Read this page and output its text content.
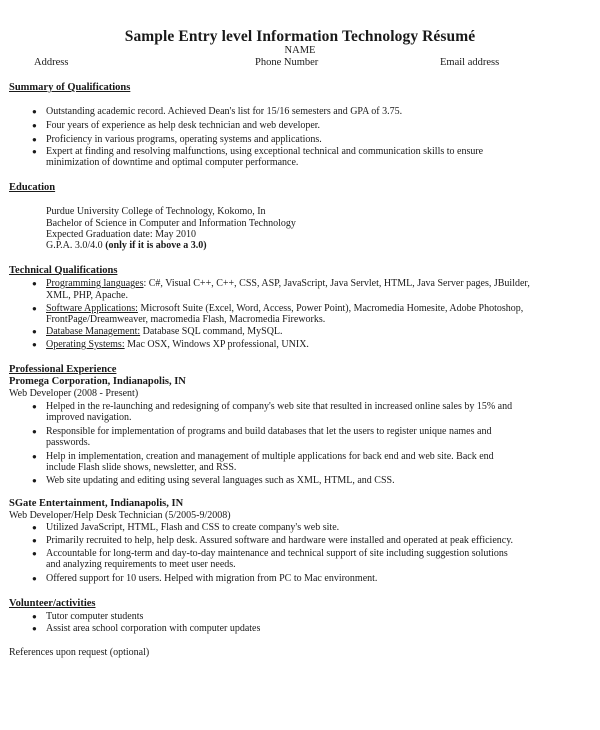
Sample Entry level Information Technology Résumé
NAME
Address	Phone Number	Email address
Summary of Qualifications
● Outstanding academic record. Achieved Dean's list for 15/16 semesters and GPA of 3.75.
● Four years of experience as help desk technician and web developer.
● Proficiency in various programs, operating systems and applications.
● Expert at finding and resolving malfunctions, using exceptional technical and communication skills to ensure
minimization of downtime and optimal computer performance.
Education
Purdue University College of Technology, Kokomo, In
Bachelor of Science in Computer and Information Technology
Expected Graduation date: May 2010
G.P.A. 3.0/4.0 (only if it is above a 3.0)
Technical Qualifications
● Programming languages: C#, Visual C++, C++, CSS, ASP, JavaScript, Java Servlet, HTML, Java Server pages, JBuilder,
XML, PHP, Apache.
● Software Applications: Microsoft Suite (Excel, Word, Access, Power Point), Macromedia Homesite, Adobe Photoshop,
FrontPage/Dreamweaver, macromedia Flash, Macromedia Fireworks.
● Database Management: Database SQL command, MySQL.
● Operating Systems: Mac OSX, Windows XP professional, UNIX.
Professional Experience
Promega Corporation, Indianapolis, IN
Web Developer (2008 - Present)
● Helped in the re-launching and redesigning of company's web site that resulted in increased online sales by 15% and
improved navigation.
● Responsible for implementation of programs and build databases that let the users to register unique names and
passwords.
● Help in implementation, creation and management of multiple applications for back end and web site. Back end
include Flash slide shows, newsletter, and RSS.
● Web site updating and editing using several languages such as XML, HTML, and CSS.
SGate Entertainment, Indianapolis, IN
Web Developer/Help Desk Technician (5/2005-9/2008)
● Utilized JavaScript, HTML, Flash and CSS to create company's web site.
● Primarily recruited to help, help desk. Assured software and hardware were installed and operated at peak efficiency.
● Accountable for long-term and day-to-day maintenance and technical support of site including suggestion solutions
and analyzing requirements to meet user needs.
● Offered support for 10 users. Helped with migration from PC to Mac environment.
Volunteer/activities
● Tutor computer students
● Assist area school corporation with computer updates
References upon request (optional)
